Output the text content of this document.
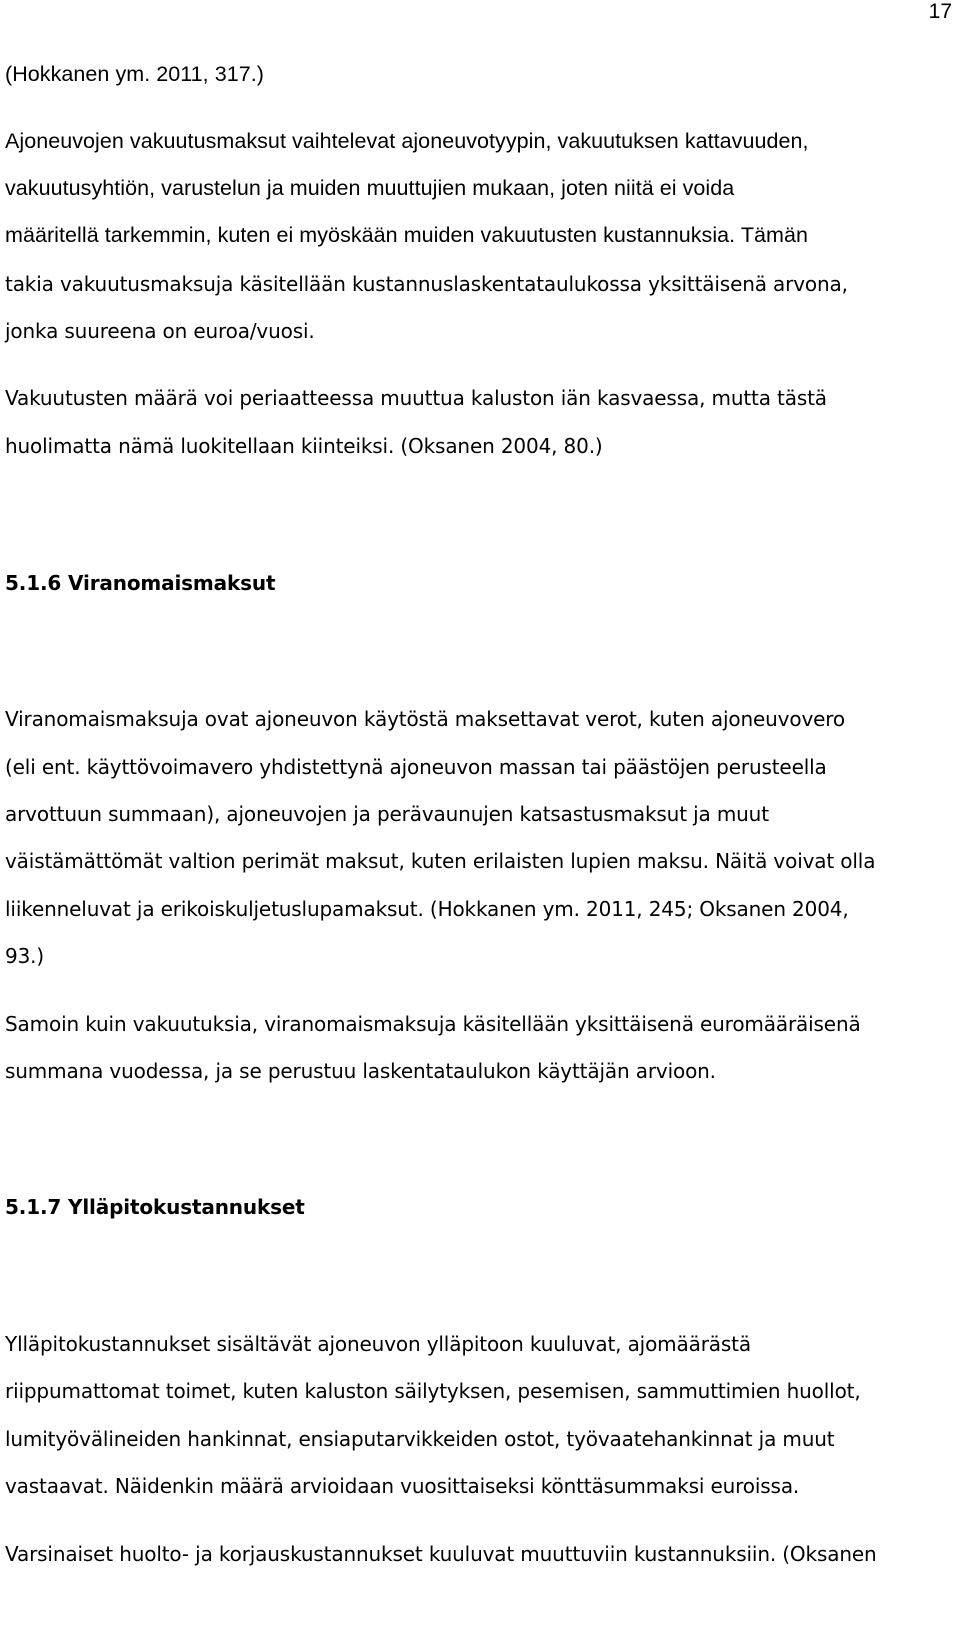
17
(Hokkanen ym. 2011, 317.)
Ajoneuvojen vakuutusmaksut vaihtelevat ajoneuvotyypin, vakuutuksen kattavuuden,
vakuutusyhtiön, varustelun ja muiden muuttujien mukaan, joten niitä ei voida
määritellä tarkemmin, kuten ei myöskään muiden vakuutusten kustannuksia. Tämän
takia vakuutusmaksuja käsitellään kustannuslaskentataulukossa yksittäisenä arvona,
jonka suureena on euroa/vuosi.
Vakuutusten määrä voi periaatteessa muuttua kaluston iän kasvaessa, mutta tästä
huolimatta nämä luokitellaan kiinteiksi. (Oksanen 2004, 80.)
5.1.6 Viranomaismaksut
Viranomaismaksuja ovat ajoneuvon käytöstä maksettavat verot, kuten ajoneuvovero
(eli ent. käyttövoimavero yhdistettynä ajoneuvon massan tai päästöjen perusteella
arvottuun summaan), ajoneuvojen ja perävaunujen katsastusmaksut ja muut
väistämättömät valtion perimät maksut, kuten erilaisten lupien maksu. Näitä voivat olla
liikenneluvat ja erikoiskuljetuslupamaksut. (Hokkanen ym. 2011, 245; Oksanen 2004,
93.)
Samoin kuin vakuutuksia, viranomaismaksuja käsitellään yksittäisenä euromääräisenä
summana vuodessa, ja se perustuu laskentataulukon käyttäjän arvioon.
5.1.7 Ylläpitokustannukset
Ylläpitokustannukset sisältävät ajoneuvon ylläpitoon kuuluvat, ajomäärästä
riippumattomat toimet, kuten kaluston säilytyksen, pesemisen, sammuttimien huollot,
lumityövälineiden hankinnat, ensiaputarvikkeiden ostot, työvaatehankinnat ja muut
vastaavat. Näidenkin määrä arvioidaan vuosittaiseksi könttäsummaksi euroissa.
Varsinaiset huolto- ja korjauskustannukset kuuluvat muuttuviin kustannuksiin. (Oksanen
